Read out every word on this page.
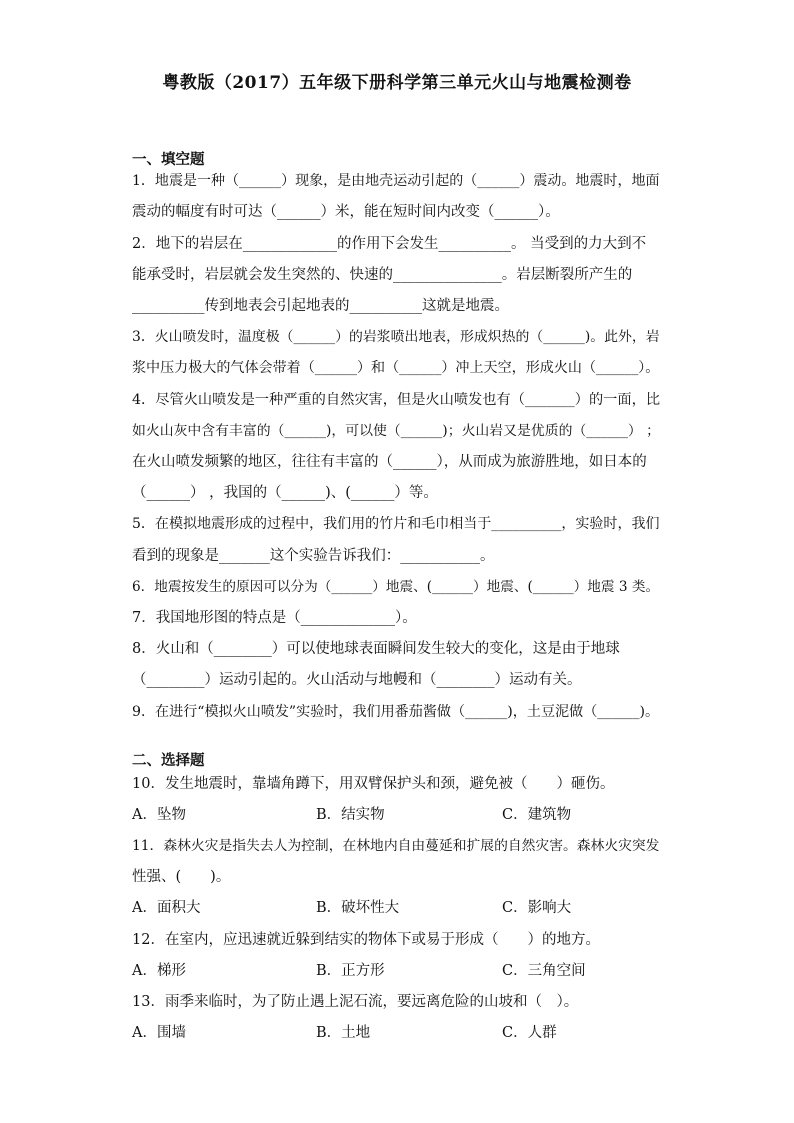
粤教版（2017）五年级下册科学第三单元火山与地震检测卷
一、填空题
1．地震是一种（______）现象，是由地壳运动引起的（______）震动。地震时，地面
震动的幅度有时可达（______）米，能在短时间内改变（______）。
2．地下的岩层在_____________的作用下会发生__________。 当受到的力大到不
能承受时，岩层就会发生突然的、快速的_______________。岩层断裂所产生的
__________传到地表会引起地表的__________这就是地震。
3．火山喷发时，温度极（______）的岩浆喷出地表，形成炽热的（______)。此外，岩
浆中压力极大的气体会带着（______）和（______）冲上天空，形成火山（______）。
4．尽管火山喷发是一种严重的自然灾害，但是火山喷发也有（_______）的一面，比
如火山灰中含有丰富的（______)，可以使（______)；火山岩又是优质的（______） ；
在火山喷发频繁的地区，往往有丰富的（______），从而成为旅游胜地，如日本的
（______） ，我国的（______)、(______）等。
5．在模拟地震形成的过程中，我们用的竹片和毛巾相当于__________，实验时，我们
看到的现象是_______这个实验告诉我们：___________。
6．地震按发生的原因可以分为（______）地震、(______）地震、(______）地震 3 类。
7．我国地形图的特点是（_____________）。
8．火山和（________）可以使地球表面瞬间发生较大的变化，这是由于地球
（________）运动引起的。火山活动与地幔和（________）运动有关。
9．在进行“模拟火山喷发”实验时，我们用番茄酱做（______)，土豆泥做（______)。
二、选择题
10．发生地震时，靠墙角蹲下，用双臂保护头和颈，避免被（　　）砸伤。
A．坠物	B．结实物	C．建筑物
11．森林火灾是指失去人为控制，在林地内自由蔓延和扩展的自然灾害。森林火灾突发
性强、(　　)。
A．面积大	B．破坏性大	C．影响大
12．在室内，应迅速就近躲到结实的物体下或易于形成（　　）的地方。
A．梯形	B．正方形	C．三角空间
13．雨季来临时，为了防止遇上泥石流，要远离危险的山坡和（　）。
A．围墙	B．土地	C．人群
